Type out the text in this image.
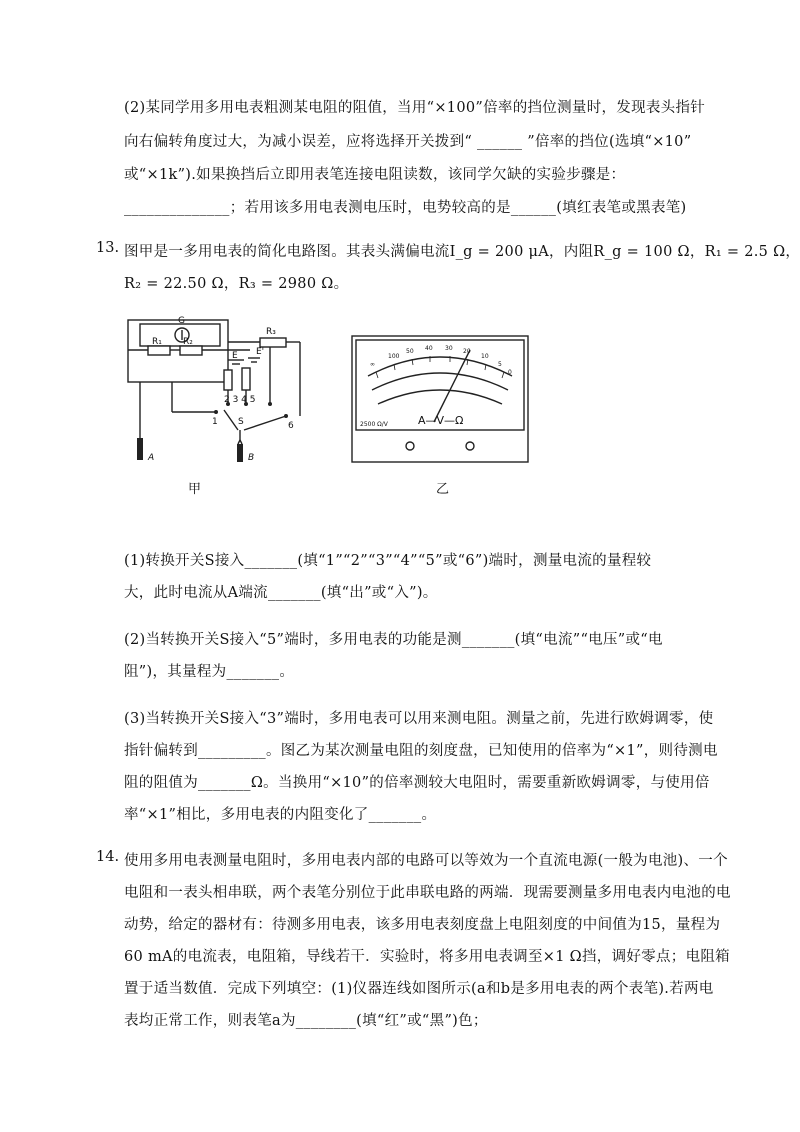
(2)某同学用多用电表粗测某电阻的阻值，当用“×100”倍率的挡位测量时，发现表头指针
向右偏转角度过大，为减小误差，应将选择开关拨到“ ______ ”倍率的挡位(选填“×10”
或“×1k”).如果换挡后立即用表笔连接电阻读数，该同学欠缺的实验步骤是：
______________；若用该多用电表测电压时，电势较高的是______(填红表笔或黑表笔)
13. 图甲是一多用电表的简化电路图。其表头满偏电流I_g = 200 μA，内阻R_g = 100 Ω，R₁ = 2.5 Ω，
R₂ = 22.50 Ω，R₃ = 2980 Ω。
G
R₁ R₂
R₃
E E'
2 3 4 5
1	6
S
A	B
∞
100
50 40 30 20
10
5
0
2500 Ω/V	A—V—Ω
甲	乙
(1)转换开关S接入_______(填“1”“2”“3”“4”“5”或“6”)端时，测量电流的量程较
大，此时电流从A端流_______(填“出”或“入”)。
(2)当转换开关S接入“5”端时，多用电表的功能是测_______(填“电流”“电压”或“电
阻”)，其量程为_______。
(3)当转换开关S接入“3”端时，多用电表可以用来测电阻。测量之前，先进行欧姆调零，使
指针偏转到_________。图乙为某次测量电阻的刻度盘，已知使用的倍率为“×1”，则待测电
阻的阻值为_______Ω。当换用“×10”的倍率测较大电阻时，需要重新欧姆调零，与使用倍
率“×1”相比，多用电表的内阻变化了_______。
14. 使用多用电表测量电阻时，多用电表内部的电路可以等效为一个直流电源(一般为电池)、一个
电阻和一表头相串联，两个表笔分别位于此串联电路的两端．现需要测量多用电表内电池的电
动势，给定的器材有：待测多用电表，该多用电表刻度盘上电阻刻度的中间值为15，量程为
60 mA的电流表，电阻箱，导线若干．实验时，将多用电表调至×1 Ω挡，调好零点；电阻箱
置于适当数值．完成下列填空：(1)仪器连线如图所示(a和b是多用电表的两个表笔).若两电
表均正常工作，则表笔a为________(填“红”或“黑”)色；
